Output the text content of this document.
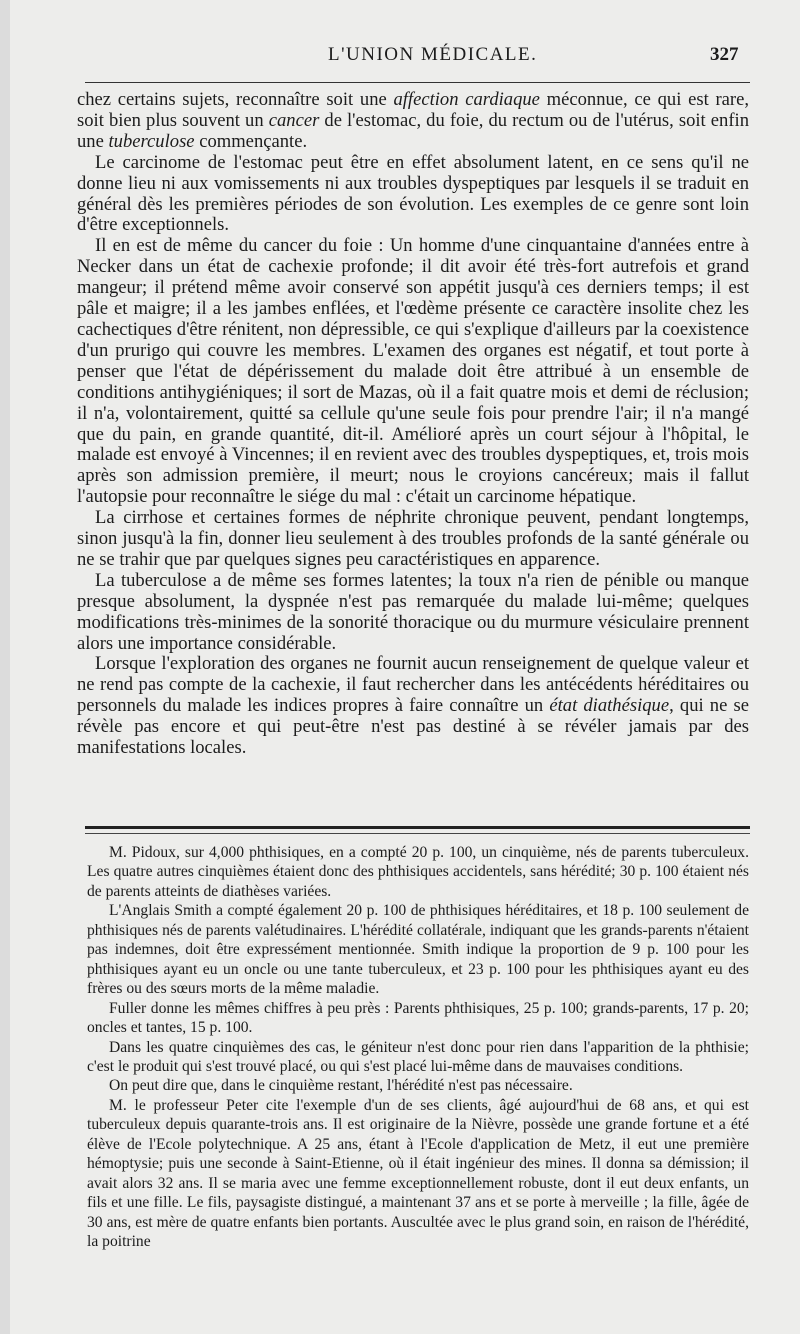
L'UNION MÉDICALE.	327

chez certains sujets, reconnaître soit une affection cardiaque méconnue, ce qui est rare, soit bien plus souvent un cancer de l'estomac, du foie, du rectum ou de l'utérus, soit enfin une tuberculose commençante.

Le carcinome de l'estomac peut être en effet absolument latent, en ce sens qu'il ne donne lieu ni aux vomissements ni aux troubles dyspeptiques par lesquels il se traduit en général dès les premières périodes de son évolution. Les exemples de ce genre sont loin d'être exceptionnels.

Il en est de même du cancer du foie : Un homme d'une cinquantaine d'années entre à Necker dans un état de cachexie profonde; il dit avoir été très-fort autrefois et grand mangeur; il prétend même avoir conservé son appétit jusqu'à ces derniers temps; il est pâle et maigre; il a les jambes enflées, et l'œdème présente ce caractère insolite chez les cachectiques d'être rénitent, non dépressible, ce qui s'explique d'ailleurs par la coexistence d'un prurigo qui couvre les membres. L'examen des organes est négatif, et tout porte à penser que l'état de dépérissement du malade doit être attribué à un ensemble de conditions antihygiéniques; il sort de Mazas, où il a fait quatre mois et demi de réclusion; il n'a, volontairement, quitté sa cellule qu'une seule fois pour prendre l'air; il n'a mangé que du pain, en grande quantité, dit-il. Amélioré après un court séjour à l'hôpital, le malade est envoyé à Vincennes; il en revient avec des troubles dyspeptiques, et, trois mois après son admission première, il meurt; nous le croyions cancéreux; mais il fallut l'autopsie pour reconnaître le siége du mal : c'était un carcinome hépatique.

La cirrhose et certaines formes de néphrite chronique peuvent, pendant longtemps, sinon jusqu'à la fin, donner lieu seulement à des troubles profonds de la santé générale ou ne se trahir que par quelques signes peu caractéristiques en apparence.

La tuberculose a de même ses formes latentes; la toux n'a rien de pénible ou manque presque absolument, la dyspnée n'est pas remarquée du malade lui-même; quelques modifications très-minimes de la sonorité thoracique ou du murmure vésiculaire prennent alors une importance considérable.

Lorsque l'exploration des organes ne fournit aucun renseignement de quelque valeur et ne rend pas compte de la cachexie, il faut rechercher dans les antécédents héréditaires ou personnels du malade les indices propres à faire connaître un état diathésique, qui ne se révèle pas encore et qui peut-être n'est pas destiné à se révéler jamais par des manifestations locales.

M. Pidoux, sur 4,000 phthisiques, en a compté 20 p. 100, un cinquième, nés de parents tuberculeux. Les quatre autres cinquièmes étaient donc des phthisiques accidentels, sans hérédité; 30 p. 100 étaient nés de parents atteints de diathèses variées.

L'Anglais Smith a compté également 20 p. 100 de phthisiques héréditaires, et 18 p. 100 seulement de phthisiques nés de parents valétudinaires. L'hérédité collatérale, indiquant que les grands-parents n'étaient pas indemnes, doit être expressément mentionnée. Smith indique la proportion de 9 p. 100 pour les phthisiques ayant eu un oncle ou une tante tuberculeux, et 23 p. 100 pour les phthisiques ayant eu des frères ou des sœurs morts de la même maladie.

Fuller donne les mêmes chiffres à peu près : Parents phthisiques, 25 p. 100; grands-parents, 17 p. 20; oncles et tantes, 15 p. 100.

Dans les quatre cinquièmes des cas, le géniteur n'est donc pour rien dans l'apparition de la phthisie; c'est le produit qui s'est trouvé placé, ou qui s'est placé lui-même dans de mauvaises conditions.

On peut dire que, dans le cinquième restant, l'hérédité n'est pas nécessaire.

M. le professeur Peter cite l'exemple d'un de ses clients, âgé aujourd'hui de 68 ans, et qui est tuberculeux depuis quarante-trois ans. Il est originaire de la Nièvre, possède une grande fortune et a été élève de l'Ecole polytechnique. A 25 ans, étant à l'Ecole d'application de Metz, il eut une première hémoptysie; puis une seconde à Saint-Etienne, où il était ingénieur des mines. Il donna sa démission; il avait alors 32 ans. Il se maria avec une femme exceptionnellement robuste, dont il eut deux enfants, un fils et une fille. Le fils, paysagiste distingué, a maintenant 37 ans et se porte à merveille ; la fille, âgée de 30 ans, est mère de quatre enfants bien portants. Auscultée avec le plus grand soin, en raison de l'hérédité, la poitrine
